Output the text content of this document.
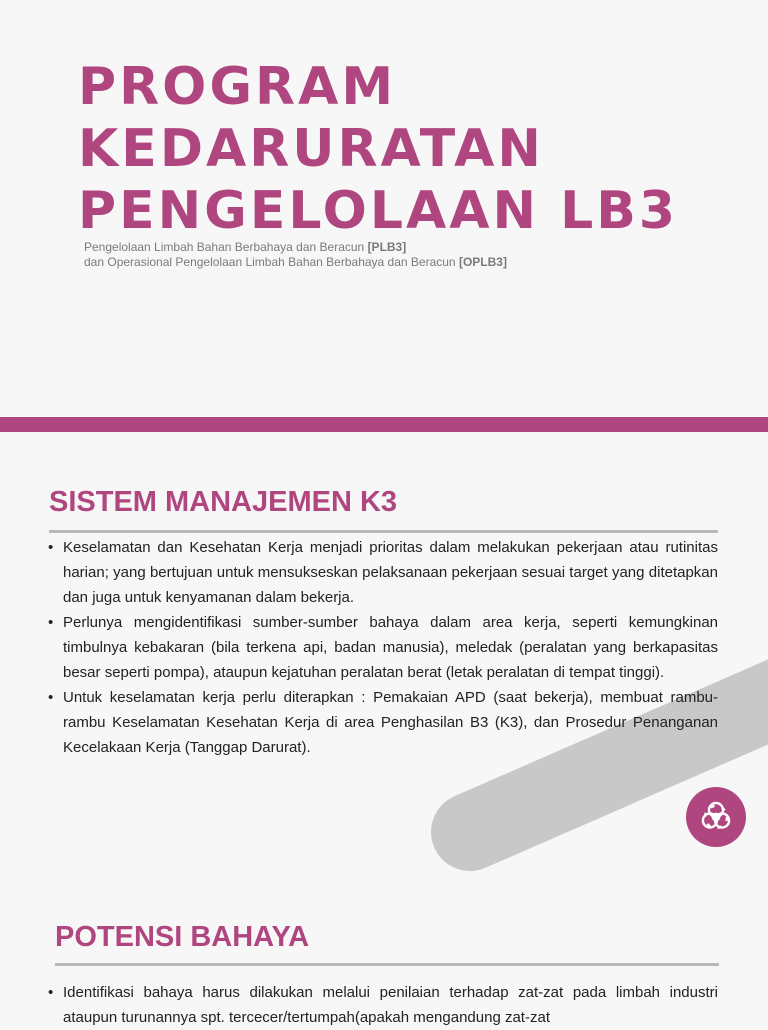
PROGRAM
KEDARURATAN
PENGELOLAAN LB3
Pengelolaan Limbah Bahan Berbahaya dan Beracun [PLB3]
dan Operasional Pengelolaan Limbah Bahan Berbahaya dan Beracun [OPLB3]
SISTEM MANAJEMEN K3
• Keselamatan dan Kesehatan Kerja menjadi prioritas dalam melakukan pekerjaan atau rutinitas harian; yang bertujuan untuk mensukseskan pelaksanaan pekerjaan sesuai target yang ditetapkan dan juga untuk kenyamanan dalam bekerja.
• Perlunya mengidentifikasi sumber-sumber bahaya dalam area kerja, seperti kemungkinan timbulnya kebakaran (bila terkena api, badan manusia), meledak (peralatan yang berkapasitas besar seperti pompa), ataupun kejatuhan peralatan berat (letak peralatan di tempat tinggi).
• Untuk keselamatan kerja perlu diterapkan : Pemakaian APD (saat bekerja), membuat rambu-rambu Keselamatan Kesehatan Kerja di area Penghasilan B3 (K3), dan Prosedur Penanganan Kecelakaan Kerja (Tanggap Darurat).
POTENSI BAHAYA
• Identifikasi bahaya harus dilakukan melalui penilaian terhadap zat-zat pada limbah industri ataupun turunannya spt. tercecer/tertumpah(apakah mengandung zat-zat
